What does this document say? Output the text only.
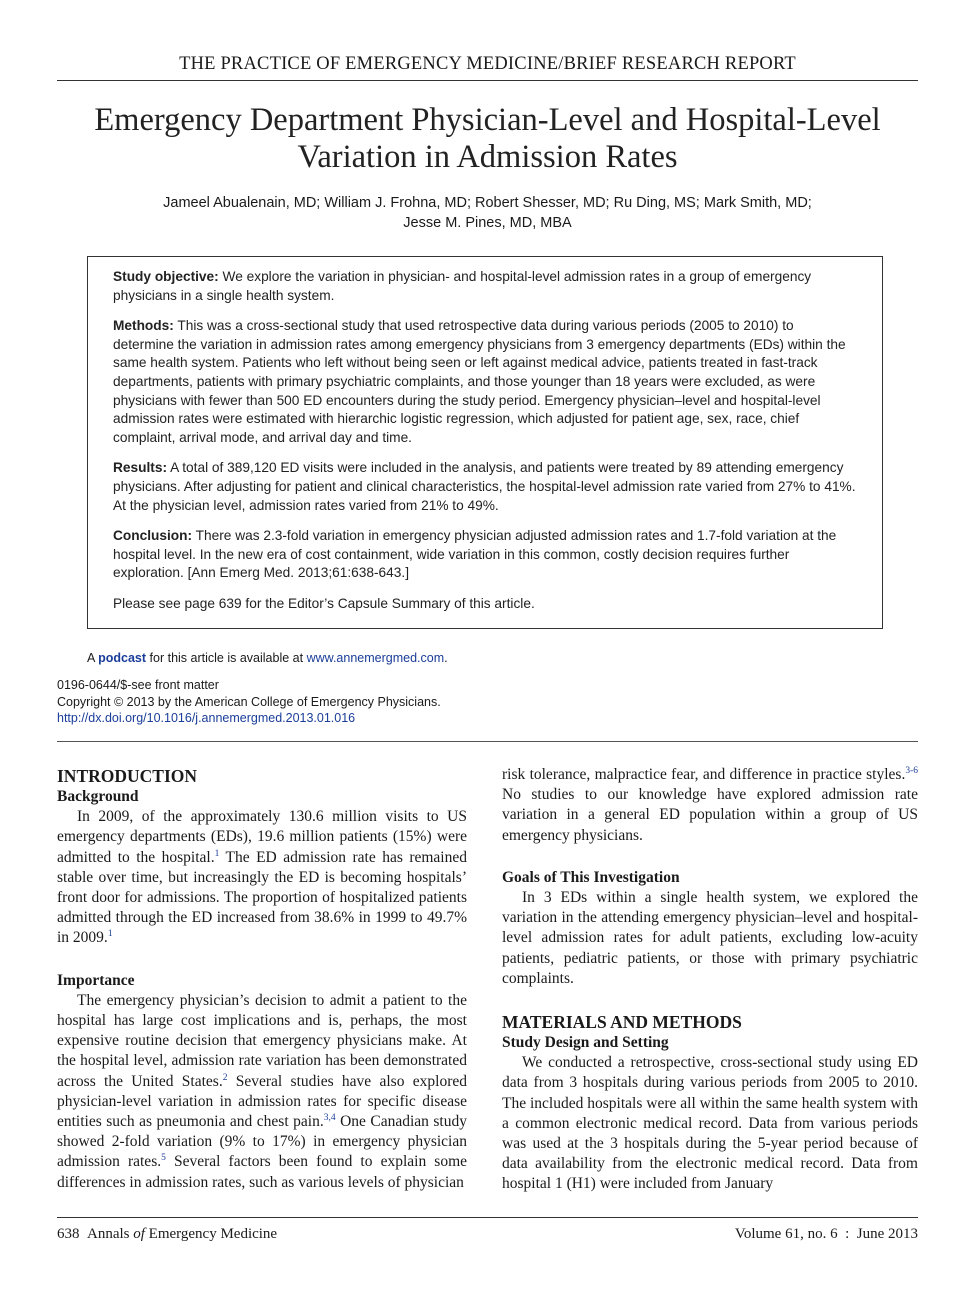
THE PRACTICE OF EMERGENCY MEDICINE/BRIEF RESEARCH REPORT
Emergency Department Physician-Level and Hospital-Level
Variation in Admission Rates
Jameel Abualenain, MD; William J. Frohna, MD; Robert Shesser, MD; Ru Ding, MS; Mark Smith, MD;
Jesse M. Pines, MD, MBA

Study objective: We explore the variation in physician- and hospital-level admission rates in a group of emergency physicians in a single health system.

Methods: This was a cross-sectional study that used retrospective data during various periods (2005 to 2010) to determine the variation in admission rates among emergency physicians from 3 emergency departments (EDs) within the same health system. Patients who left without being seen or left against medical advice, patients treated in fast-track departments, patients with primary psychiatric complaints, and those younger than 18 years were excluded, as were physicians with fewer than 500 ED encounters during the study period. Emergency physician–level and hospital-level admission rates were estimated with hierarchic logistic regression, which adjusted for patient age, sex, race, chief complaint, arrival mode, and arrival day and time.

Results: A total of 389,120 ED visits were included in the analysis, and patients were treated by 89 attending emergency physicians. After adjusting for patient and clinical characteristics, the hospital-level admission rate varied from 27% to 41%. At the physician level, admission rates varied from 21% to 49%.

Conclusion: There was 2.3-fold variation in emergency physician adjusted admission rates and 1.7-fold variation at the hospital level. In the new era of cost containment, wide variation in this common, costly decision requires further exploration. [Ann Emerg Med. 2013;61:638-643.]

Please see page 639 for the Editor’s Capsule Summary of this article.

A podcast for this article is available at www.annemergmed.com.
0196-0644/$-see front matter
Copyright © 2013 by the American College of Emergency Physicians.
http://dx.doi.org/10.1016/j.annemergmed.2013.01.016
INTRODUCTION
Background

In 2009, of the approximately 130.6 million visits to US emergency departments (EDs), 19.6 million patients (15%) were admitted to the hospital.$^1$ The ED admission rate has remained stable over time, but increasingly the ED is becoming hospitals’ front door for admissions. The proportion of hospitalized patients admitted through the ED increased from 38.6% in 1999 to 49.7% in 2009.$^1$

Importance

The emergency physician’s decision to admit a patient to the hospital has large cost implications and is, perhaps, the most expensive routine decision that emergency physicians make. At the hospital level, admission rate variation has been demonstrated across the United States.$^2$ Several studies have also explored physician-level variation in admission rates for specific disease entities such as pneumonia and chest pain.$^{3,4}$ One Canadian study showed 2-fold variation (9% to 17%) in emergency physician admission rates.$^5$ Several factors been found to explain some differences in admission rates, such as various levels of physician

risk tolerance, malpractice fear, and difference in practice styles.$^{3-6}$ No studies to our knowledge have explored admission rate variation in a general ED population within a group of US emergency physicians.

Goals of This Investigation

In 3 EDs within a single health system, we explored the variation in the attending emergency physician–level and hospital-level admission rates for adult patients, excluding low-acuity patients, pediatric patients, or those with primary psychiatric complaints.

MATERIALS AND METHODS
Study Design and Setting

We conducted a retrospective, cross-sectional study using ED data from 3 hospitals during various periods from 2005 to 2010. The included hospitals were all within the same health system with a common electronic medical record. Data from various periods was used at the 3 hospitals during the 5-year period because of data availability from the electronic medical record. Data from hospital 1 (H1) were included from January

638 Annals of Emergency Medicine	Volume 61, no. 6 : June 2013
